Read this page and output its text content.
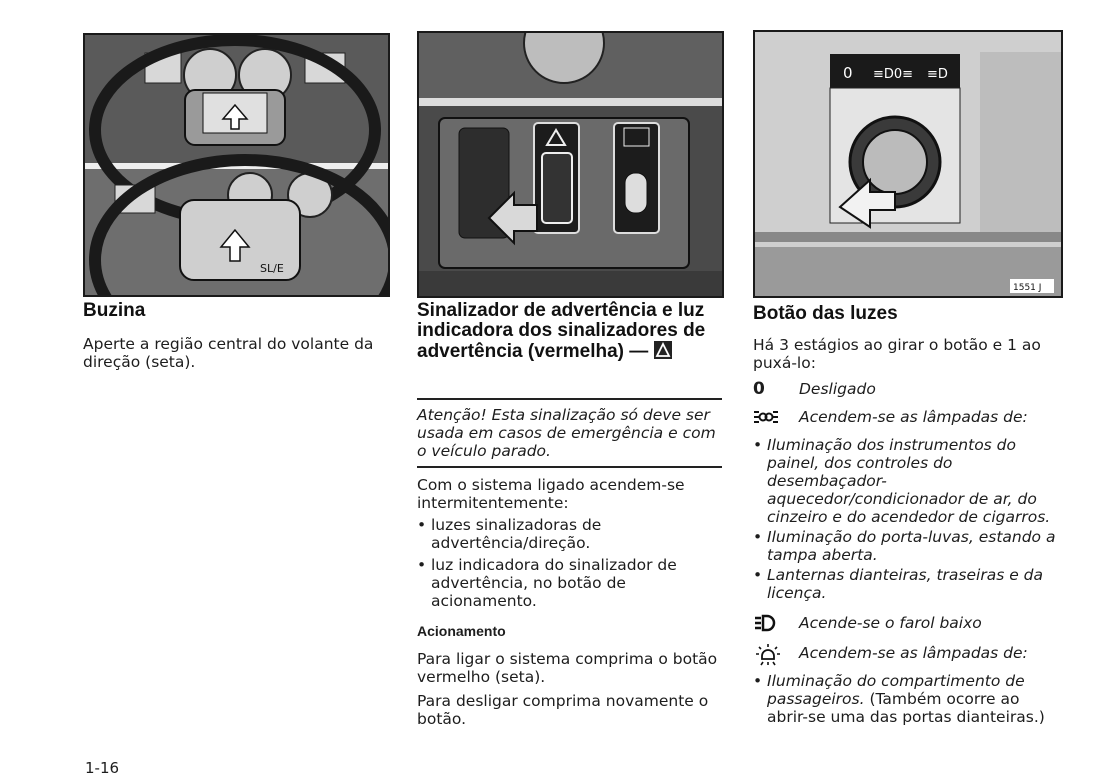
SL/E
Buzina

Aperte a região central do volante da direção (seta).

Sinalizador de advertência e luz indicadora dos sinalizadores de advertência (vermelha) —

Atenção! Esta sinalização só deve ser usada em casos de emergência e com o veículo parado.

Com o sistema ligado acendem-se intermitentemente:

• luzes sinalizadoras de advertência/direção.
• luz indicadora do sinalizador de advertência, no botão de acionamento.

Acionamento

Para ligar o sistema comprima o botão vermelho (seta).

Para desligar comprima novamente o botão.

0 ≡D0≡ ≡D
1551 J
Botão das luzes

Há 3 estágios ao girar o botão e 1 ao puxá-lo:

0 Desligado
Acendem-se as lâmpadas de:
• Iluminação dos instrumentos do painel, dos controles do desembaçador-aquecedor/condicionador de ar, do cinzeiro e do acendedor de cigarros.
• Iluminação do porta-luvas, estando a tampa aberta.
• Lanternas dianteiras, traseiras e da licença.
Acende-se o farol baixo
Acendem-se as lâmpadas de:
• Iluminação do compartimento de passageiros. (Também ocorre ao abrir-se uma das portas dianteiras.)
1-16
